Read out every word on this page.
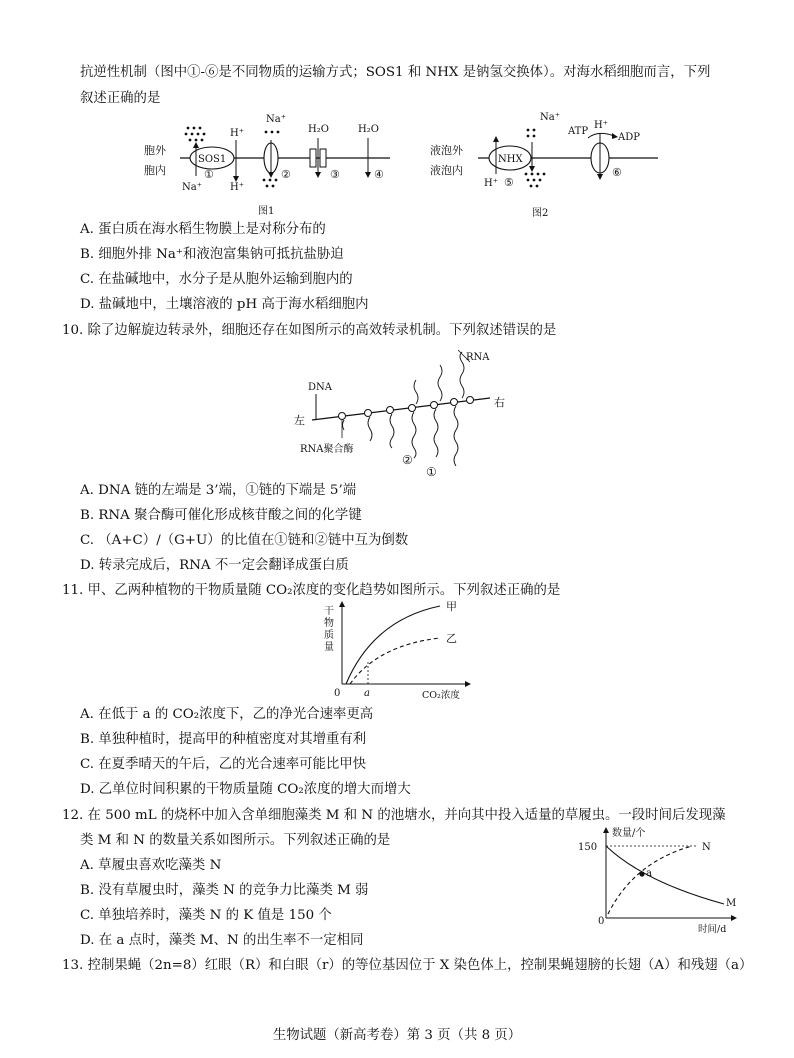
抗逆性机制（图中①-⑥是不同物质的运输方式；SOS1 和 NHX 是钠氢交换体）。对海水稻细胞而言，下列
叙述正确的是
胞外
胞内
SOS1
Na⁺
①
H⁺
H⁺
Na⁺
②
H₂O
③
H₂O
④
图1
液泡外
液泡内
NHX
H⁺ ⑤
Na⁺
ATP
H⁺
ADP
⑥
图2
A. 蛋白质在海水稻生物膜上是对称分布的
B. 细胞外排 Na⁺和液泡富集钠可抵抗盐胁迫
C. 在盐碱地中，水分子是从胞外运输到胞内的
D. 盐碱地中，土壤溶液的 pH 高于海水稻细胞内
10. 除了边解旋边转录外，细胞还存在如图所示的高效转录机制。下列叙述错误的是
DNA
左
右
RNA
RNA聚合酶
②
①
A. DNA 链的左端是 3’端，①链的下端是 5’端
B. RNA 聚合酶可催化形成核苷酸之间的化学键
C. （A+C）/（G+U）的比值在①链和②链中互为倒数
D. 转录完成后，RNA 不一定会翻译成蛋白质
11. 甲、乙两种植物的干物质量随 CO₂浓度的变化趋势如图所示。下列叙述正确的是
干
物
质
量
甲
乙
0 a	CO₂浓度
A. 在低于 a 的 CO₂浓度下，乙的净光合速率更高
B. 单独种植时，提高甲的种植密度对其增重有利
C. 在夏季晴天的午后，乙的光合速率可能比甲快
D. 乙单位时间积累的干物质量随 CO₂浓度的增大而增大
12. 在 500 mL 的烧杯中加入含单细胞藻类 M 和 N 的池塘水，并向其中投入适量的草履虫。一段时间后发现藻
类 M 和 N 的数量关系如图所示。下列叙述正确的是	数量/个
150
a
N
M
0
时间/d
A. 草履虫喜欢吃藻类 N
B. 没有草履虫时，藻类 N 的竞争力比藻类 M 弱
C. 单独培养时，藻类 N 的 K 值是 150 个
D. 在 a 点时，藻类 M、N 的出生率不一定相同
13. 控制果蝇（2n=8）红眼（R）和白眼（r）的等位基因位于 X 染色体上，控制果蝇翅膀的长翅（A）和残翅（a）
生物试题（新高考卷）第 3 页（共 8 页）
